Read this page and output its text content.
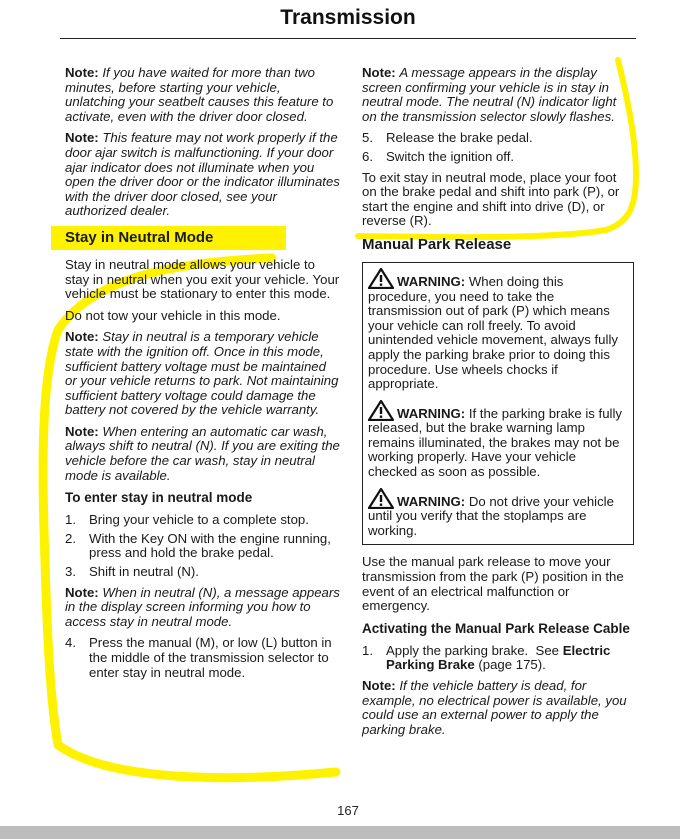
Transmission

Note: If you have waited for more than two minutes, before starting your vehicle, unlatching your seatbelt causes this feature to activate, even with the driver door closed.

Note: This feature may not work properly if the door ajar switch is malfunctioning. If your door ajar indicator does not illuminate when you open the driver door or the indicator illuminates with the driver door closed, see your authorized dealer.

Stay in Neutral Mode

Stay in neutral mode allows your vehicle to stay in neutral when you exit your vehicle. Your vehicle must be stationary to enter this mode.

Do not tow your vehicle in this mode.

Note: Stay in neutral is a temporary vehicle state with the ignition off. Once in this mode, sufficient battery voltage must be maintained or your vehicle returns to park. Not maintaining sufficient battery voltage could damage the battery not covered by the vehicle warranty.

Note: When entering an automatic car wash, always shift to neutral (N). If you are exiting the vehicle before the car wash, stay in neutral mode is available.

To enter stay in neutral mode
1. Bring your vehicle to a complete stop.
2. With the Key ON with the engine running, press and hold the brake pedal.
3. Shift in neutral (N).

Note: When in neutral (N), a message appears in the display screen informing you how to access stay in neutral mode.

4. Press the manual (M), or low (L) button in the middle of the transmission selector to enter stay in neutral mode.

Note: A message appears in the display screen confirming your vehicle is in stay in neutral mode. The neutral (N) indicator light on the transmission selector slowly flashes.

5. Release the brake pedal.
6. Switch the ignition off.

To exit stay in neutral mode, place your foot on the brake pedal and shift into park (P), or start the engine and shift into drive (D), or reverse (R).

Manual Park Release
WARNING: When doing this procedure, you need to take the transmission out of park (P) which means your vehicle can roll freely. To avoid unintended vehicle movement, always fully apply the parking brake prior to doing this procedure. Use wheels chocks if appropriate.
WARNING: If the parking brake is fully released, but the brake warning lamp remains illuminated, the brakes may not be working properly. Have your vehicle checked as soon as possible.
WARNING: Do not drive your vehicle until you verify that the stoplamps are working.

Use the manual park release to move your transmission from the park (P) position in the event of an electrical malfunction or emergency.

Activating the Manual Park Release Cable
1. Apply the parking brake. See Electric Parking Brake (page 175).

Note: If the vehicle battery is dead, for example, no electrical power is available, you could use an external power to apply the parking brake.

167
